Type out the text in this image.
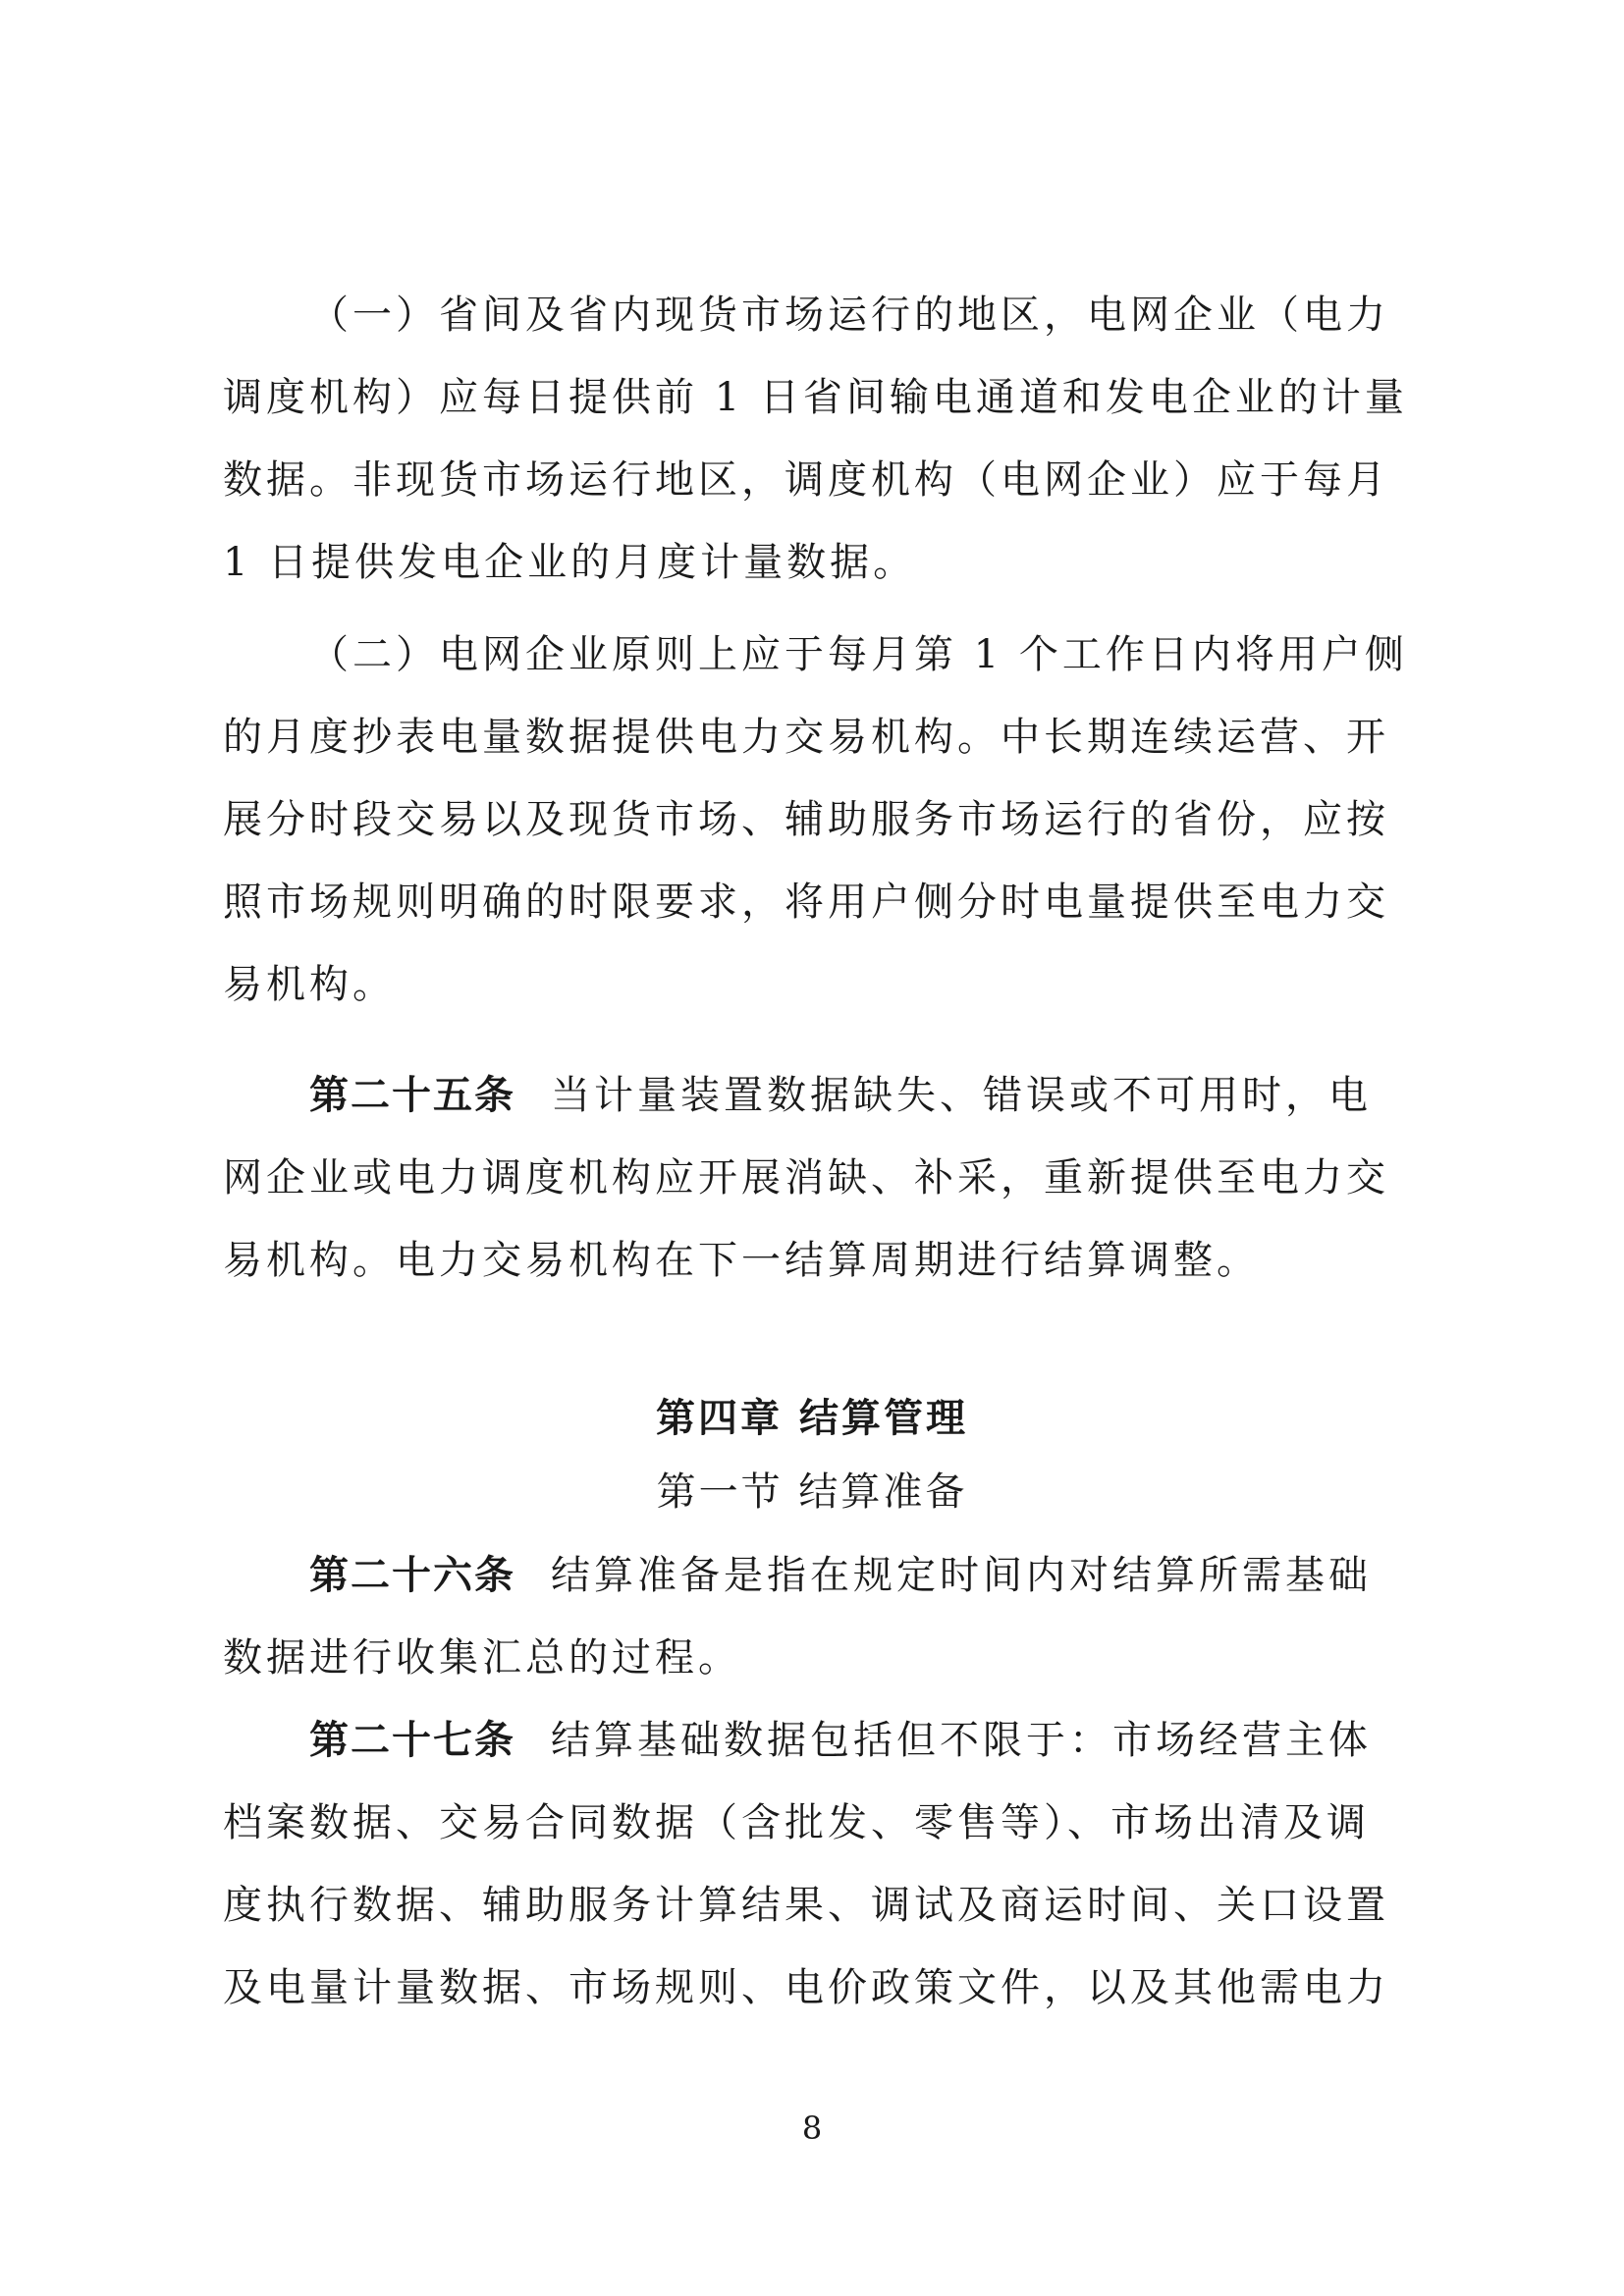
（一）省间及省内现货市场运行的地区，电网企业（电力
调度机构）应每日提供前 1 日省间输电通道和发电企业的计量
数据。非现货市场运行地区，调度机构（电网企业）应于每月
1 日提供发电企业的月度计量数据。
（二）电网企业原则上应于每月第 1 个工作日内将用户侧
的月度抄表电量数据提供电力交易机构。中长期连续运营、开
展分时段交易以及现货市场、辅助服务市场运行的省份，应按
照市场规则明确的时限要求，将用户侧分时电量提供至电力交
易机构。
第二十五条 当计量装置数据缺失、错误或不可用时，电
网企业或电力调度机构应开展消缺、补采，重新提供至电力交
易机构。电力交易机构在下一结算周期进行结算调整。
第四章 结算管理
第一节 结算准备
第二十六条 结算准备是指在规定时间内对结算所需基础
数据进行收集汇总的过程。
第二十七条 结算基础数据包括但不限于：市场经营主体
档案数据、交易合同数据（含批发、零售等）、市场出清及调
度执行数据、辅助服务计算结果、调试及商运时间、关口设置
及电量计量数据、市场规则、电价政策文件，以及其他需电力
8
